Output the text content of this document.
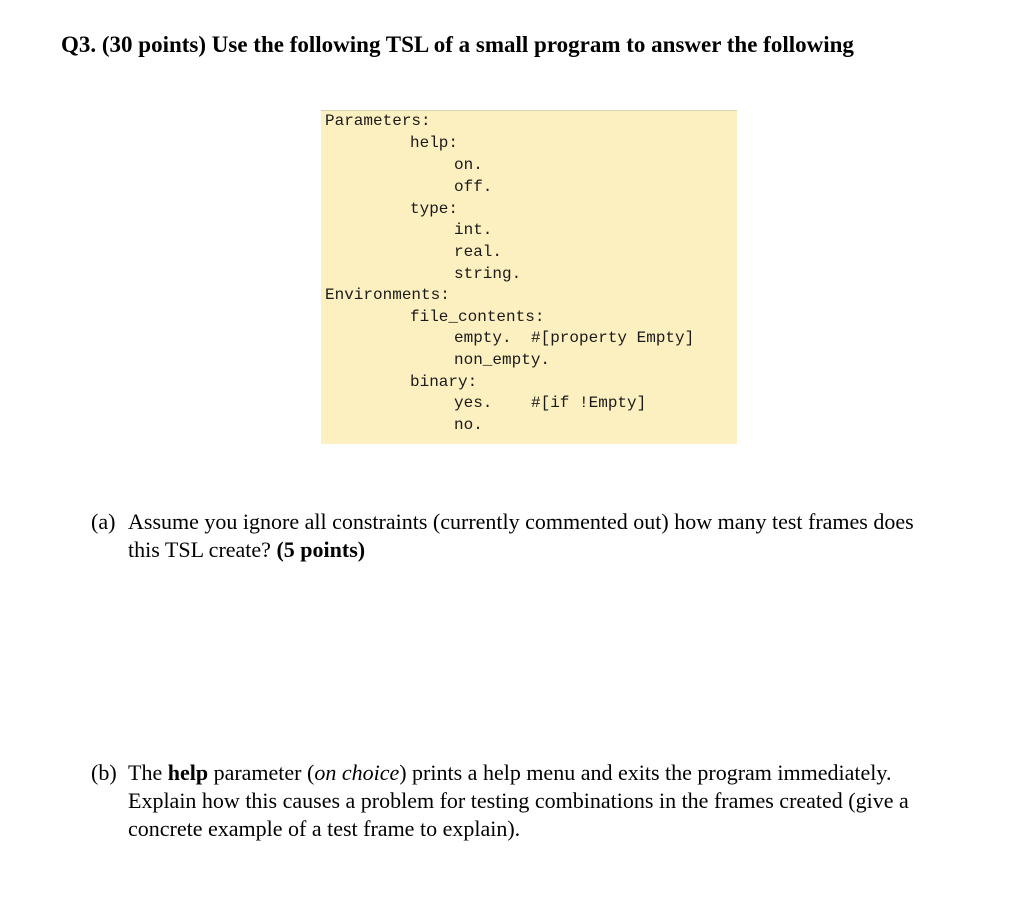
Q3. (30 points) Use the following TSL of a small program to answer the following
Parameters:
help:
on.
off.
type:
int.
real.
string.
Environments:
file_contents:
empty. #[property Empty]
non_empty.
binary:
yes. #[if !Empty]
no.
(a) Assume you ignore all constraints (currently commented out) how many test frames does this TSL create? (5 points)
(b) The help parameter (on choice) prints a help menu and exits the program immediately. Explain how this causes a problem for testing combinations in the frames created (give a concrete example of a test frame to explain).
